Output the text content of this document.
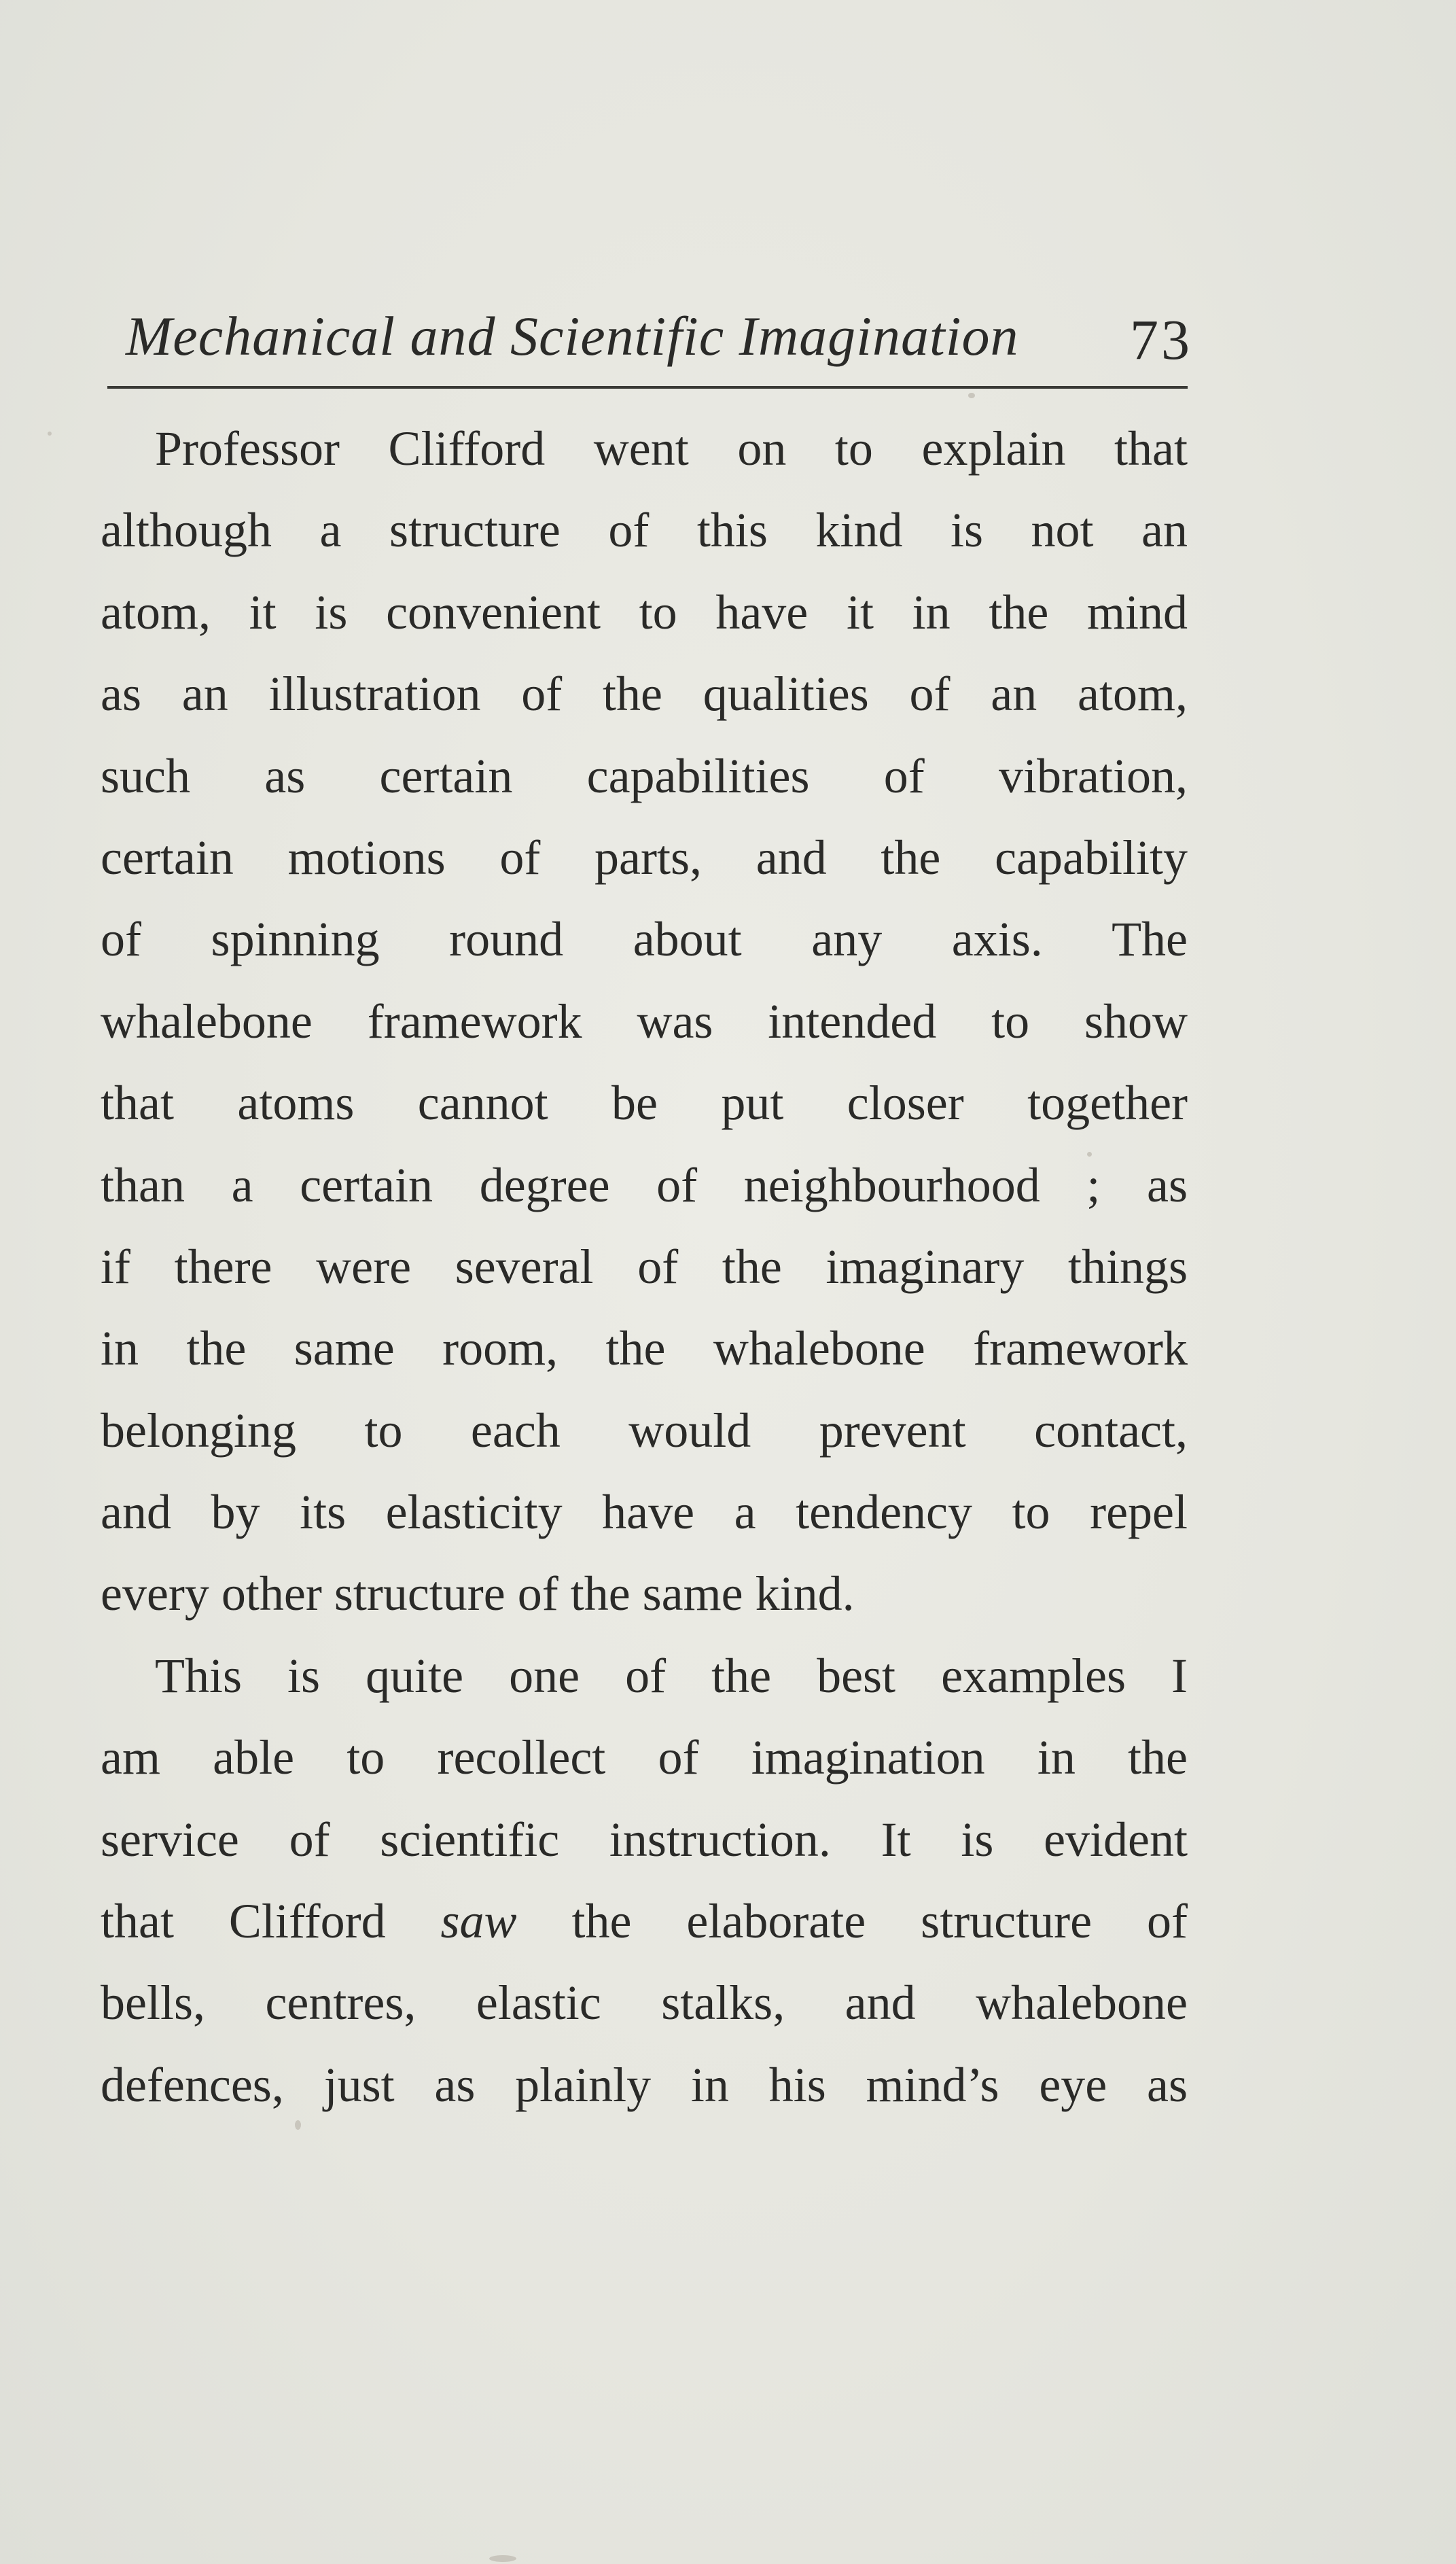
Mechanical and Scientific Imagination 73
Professor Clifford went on to explain that
although a structure of this kind is not an
atom, it is convenient to have it in the mind
as an illustration of the qualities of an atom,
such as certain capabilities of vibration,
certain motions of parts, and the capability
of spinning round about any axis. The
whalebone framework was intended to show
that atoms cannot be put closer together
than a certain degree of neighbourhood ; as
if there were several of the imaginary things
in the same room, the whalebone framework
belonging to each would prevent contact,
and by its elasticity have a tendency to repel
every other structure of the same kind.
This is quite one of the best examples I
am able to recollect of imagination in the
service of scientific instruction. It is evident
that Clifford saw the elaborate structure of
bells, centres, elastic stalks, and whalebone
defences, just as plainly in his mind’s eye as
